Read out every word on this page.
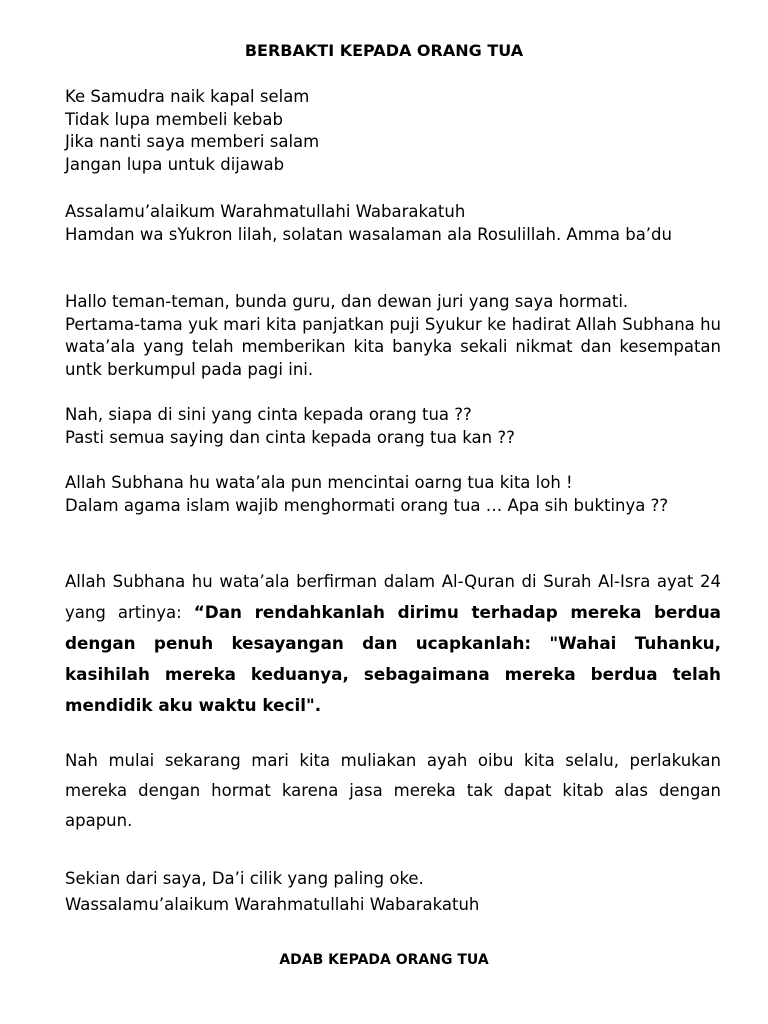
BERBAKTI KEPADA ORANG TUA
Ke Samudra naik kapal selam
Tidak lupa membeli kebab
Jika nanti saya memberi salam
Jangan lupa untuk dijawab
Assalamu’alaikum Warahmatullahi Wabarakatuh
Hamdan wa sYukron lilah, solatan wasalaman ala Rosulillah. Amma ba’du
Hallo teman-teman, bunda guru, dan dewan juri yang saya hormati.
Pertama-tama yuk mari kita panjatkan puji Syukur ke hadirat Allah Subhana hu wata’ala yang telah memberikan kita banyka sekali nikmat dan kesempatan untk berkumpul pada pagi ini.
Nah, siapa di sini yang cinta kepada orang tua ??
Pasti semua saying dan cinta kepada orang tua kan ??
Allah Subhana hu wata’ala pun mencintai oarng tua kita loh !
Dalam agama islam wajib menghormati orang tua … Apa sih buktinya ??

Allah Subhana hu wata’ala berfirman dalam Al-Quran di Surah Al-Isra ayat 24 yang artinya: “Dan rendahkanlah dirimu terhadap mereka berdua dengan penuh kesayangan dan ucapkanlah: "Wahai Tuhanku, kasihilah mereka keduanya, sebagaimana mereka berdua telah mendidik aku waktu kecil".

Nah mulai sekarang mari kita muliakan ayah oibu kita selalu, perlakukan mereka dengan hormat karena jasa mereka tak dapat kitab alas dengan apapun.

Sekian dari saya, Da’i cilik yang paling oke.
Wassalamu’alaikum Warahmatullahi Wabarakatuh
ADAB KEPADA ORANG TUA
